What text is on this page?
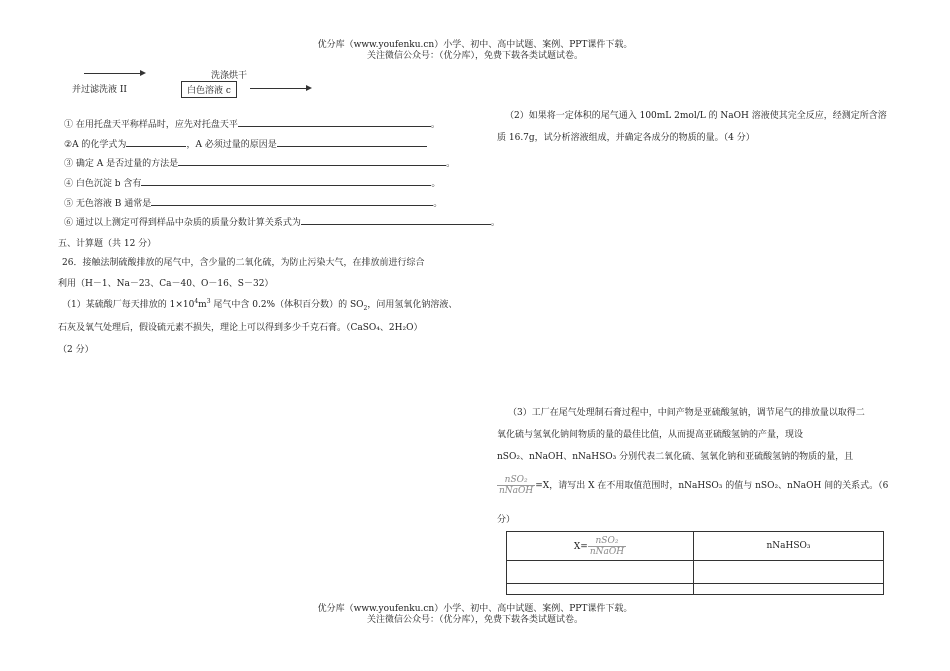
优分库（www.youfenku.cn）小学、初中、高中试题、案例、PPT课件下载。
关注微信公众号：（优分库），免费下载各类试题试卷。
并过滤洗液 II
洗涤烘干
白色溶液 c
① 在用托盘天平称样品时，应先对托盘天平	。
②A 的化学式为	，A 必须过量的原因是
③ 确定 A 是否过量的方法是	。
④ 白色沉淀 b 含有	。
⑤ 无色溶液 B 通常是	。
⑥ 通过以上测定可得到样品中杂质的质量分数计算关系式为	。
五、计算题（共 12 分）
26．接触法制硫酸排放的尾气中，含少量的二氧化硫，为防止污染大气，在排放前进行综合
利用（H－1、Na－23、Ca－40、O－16、S－32）
（1）某硫酸厂每天排放的 $1\times 10^4m^3$ 尾气中含 0.2%（体积百分数）的 $SO_2$，问用氢氧化钠溶液、
石灰及氧气处理后，假设硫元素不损失，理论上可以得到多少千克石膏。（CaSO₄、2H₂O）
（2 分）
（2）如果将一定体积的尾气通入 100mL 2mol/L 的 NaOH 溶液使其完全反应，经测定所含溶
质 16.7g，试分析溶液组成，并确定各成分的物质的量。（4 分）
（3）工厂在尾气处理制石膏过程中，中间产物是亚硫酸氢钠，调节尾气的排放量以取得二
氧化硫与氢氧化钠间物质的量的最佳比值，从而提高亚硫酸氢钠的产量，现设
nSO₂、nNaOH、nNaHSO₃ 分别代表二氧化硫、氢氧化钠和亚硫酸氢钠的物质的量，且
$\frac{\text{nSO₂}}{\text{nNaOH}} =X$，请写出 X 在不用取值范围时，nNaHSO₃ 的值与 nSO₂、nNaOH 间的关系式。（6
分）
$X= \frac{\text{nSO₂}}{\text{nNaOH}}$	nNaHSO₃

优分库（www.youfenku.cn）小学、初中、高中试题、案例、PPT课件下载。
关注微信公众号：（优分库），免费下载各类试题试卷。
